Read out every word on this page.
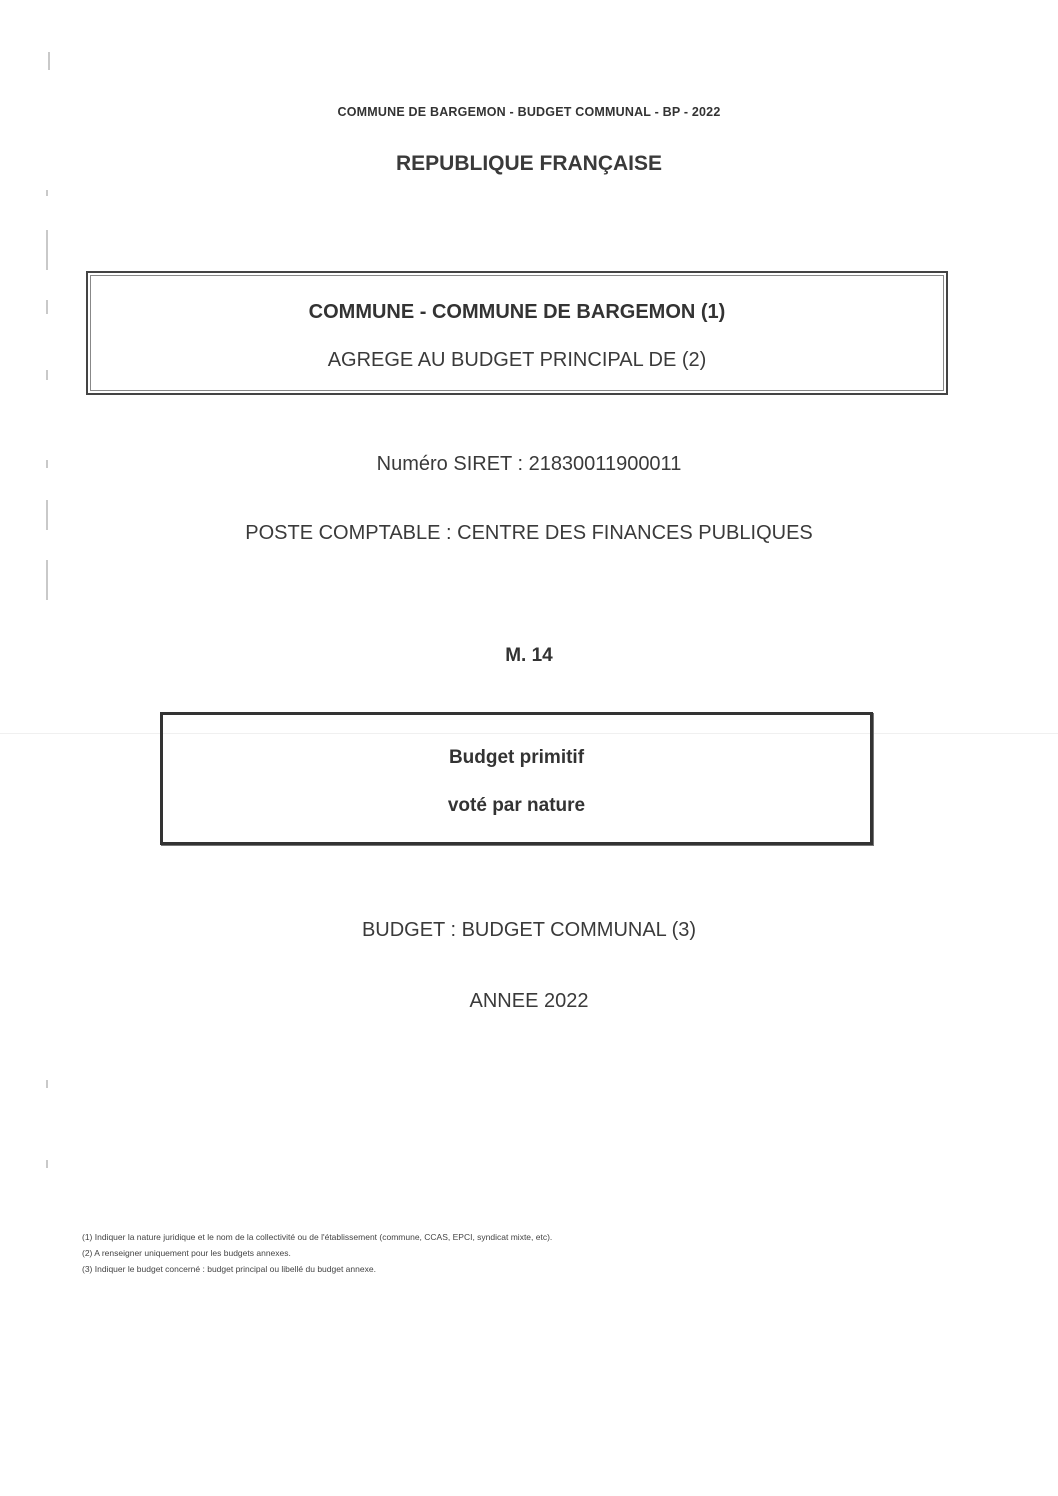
COMMUNE DE BARGEMON - BUDGET COMMUNAL - BP - 2022
REPUBLIQUE FRANÇAISE
COMMUNE - COMMUNE DE BARGEMON (1)
AGREGE AU BUDGET PRINCIPAL DE (2)
Numéro SIRET : 21830011900011
POSTE COMPTABLE : CENTRE DES FINANCES PUBLIQUES
M. 14
Budget primitif
voté par nature
BUDGET : BUDGET COMMUNAL (3)
ANNEE 2022
(1) Indiquer la nature juridique et le nom de la collectivité ou de l'établissement (commune, CCAS, EPCI, syndicat mixte, etc).
(2) A renseigner uniquement pour les budgets annexes.
(3) Indiquer le budget concerné : budget principal ou libellé du budget annexe.
